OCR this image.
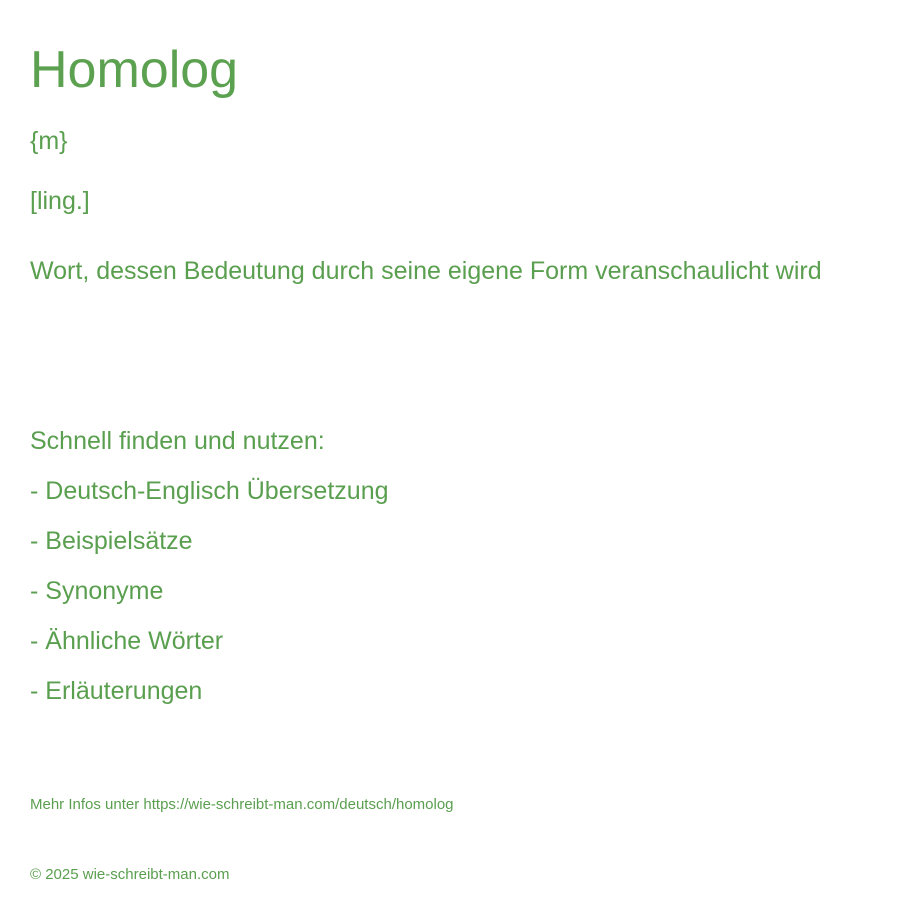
Homolog
{m}
[ling.]
Wort, dessen Bedeutung durch seine eigene Form veranschaulicht wird
Schnell finden und nutzen:
- Deutsch-Englisch Übersetzung
- Beispielsätze
- Synonyme
- Ähnliche Wörter
- Erläuterungen
Mehr Infos unter https://wie-schreibt-man.com/deutsch/homolog
© 2025 wie-schreibt-man.com
